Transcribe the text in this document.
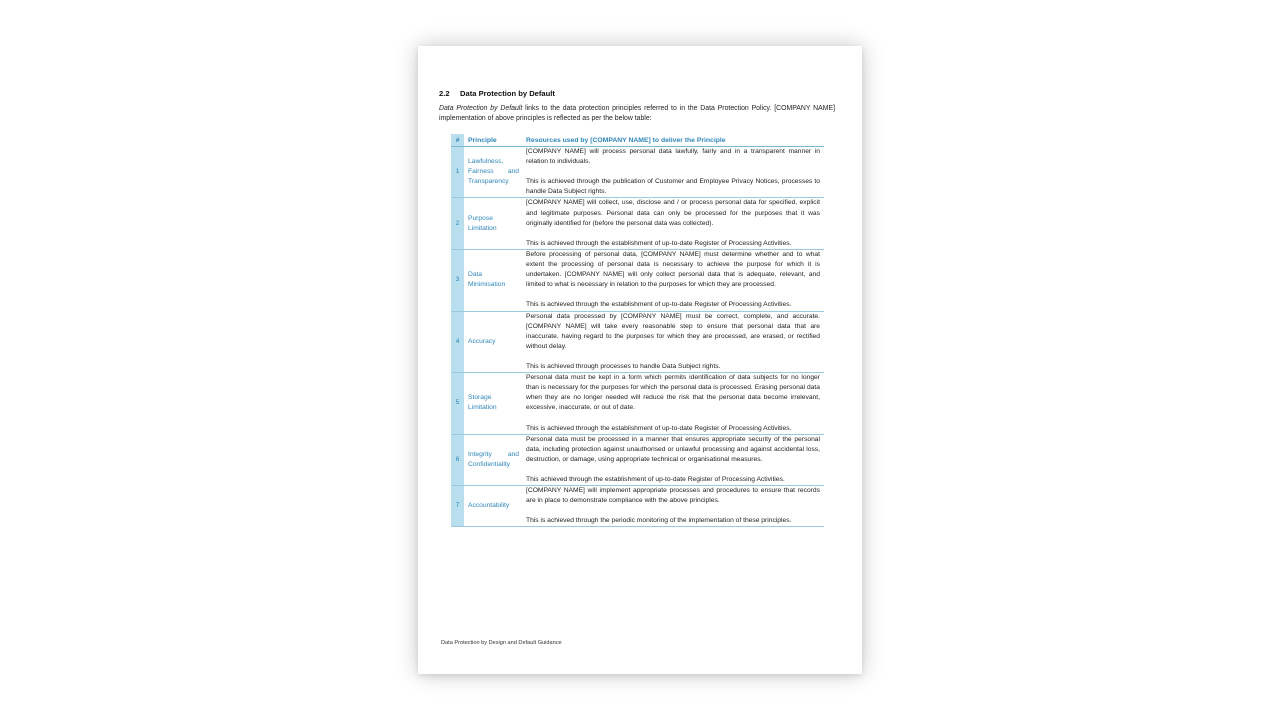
2.2 Data Protection by Default
Data Protection by Default links to the data protection principles referred to in the Data Protection Policy. [COMPANY NAME] implementation of above principles is reflected as per the below table:
#	Principle	Resources used by [COMPANY NAME] to deliver the Principle
1	Lawfulness, Fairness and Transparency	[COMPANY NAME] will process personal data lawfully, fairly and in a transparent manner in relation to individuals.

This is achieved through the publication of Customer and Employee Privacy Notices, processes to handle Data Subject rights.

2	Purpose Limitation	[COMPANY NAME] will collect, use, disclose and / or process personal data for specified, explicit and legitimate purposes. Personal data can only be processed for the purposes that it was originally identified for (before the personal data was collected).

This is achieved through the establishment of up-to-date Register of Processing Activities.

3	Data Minimisation	Before processing of personal data, [COMPANY NAME] must determine whether and to what extent the processing of personal data is necessary to achieve the purpose for which it is undertaken. [COMPANY NAME] will only collect personal data that is adequate, relevant, and limited to what is necessary in relation to the purposes for which they are processed.

This is achieved through the establishment of up-to-date Register of Processing Activities.

4	Accuracy	Personal data processed by [COMPANY NAME] must be correct, complete, and accurate. [COMPANY NAME] will take every reasonable step to ensure that personal data that are inaccurate, having regard to the purposes for which they are processed, are erased, or rectified without delay.

This is achieved through processes to handle Data Subject rights.

5	Storage Limitation	Personal data must be kept in a form which permits identification of data subjects for no longer than is necessary for the purposes for which the personal data is processed. Erasing personal data when they are no longer needed will reduce the risk that the personal data become irrelevant, excessive, inaccurate, or out of date.

This is achieved through the establishment of up-to-date Register of Processing Activities.

6	Integrity and Confidentiality	Personal data must be processed in a manner that ensures appropriate security of the personal data, including protection against unauthorised or unlawful processing and against accidental loss, destruction, or damage, using appropriate technical or organisational measures.

This achieved through the establishment of up-to-date Register of Processing Activities.

7	Accountability	[COMPANY NAME] will implement appropriate processes and procedures to ensure that records are in place to demonstrate compliance with the above principles.

This is achieved through the periodic monitoring of the implementation of these principles.

Data Protection by Design and Default Guidance
